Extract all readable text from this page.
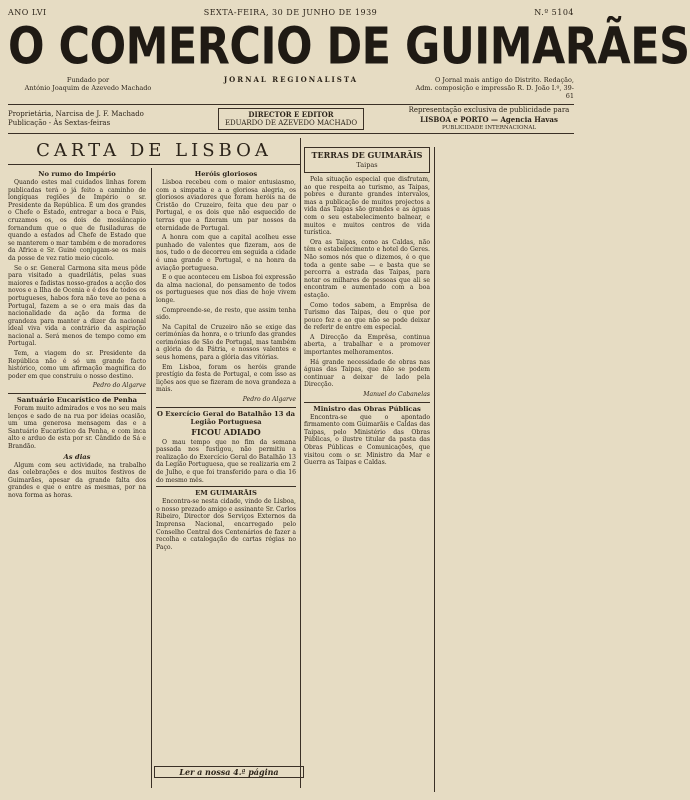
ANO LVI	SEXTA-FEIRA, 30 DE JUNHO DE 1939	N.º 5104
O COMERCIO DE GUIMARÃES
Fundado por
António Joaquim de Azevedo Machado
JORNAL REGIONALISTA	O Jornal mais antigo do Distrito. Redação,
Adm. composição e impressão R. D. João I.º, 39-61
Proprietária, Narcisa de J. F. Machado
Publicação - Às Sextas-feiras
DIRECTOR E EDITOR
EDUARDO DE AZEVEDO MACHADO
Representação exclusiva de publicidade para
LISBOA e PORTO — Agencia Havas
PUBLICIDADE INTERNACIONAL
CARTA DE LISBOA
No rumo do Império

Quando estes mal cuidados linhas forem publicadas terá o já feito a caminho de longíquas regiões de Império o sr. Presidente da República. É um dos grandes o Chefe o Estado, entregar a boca e Pais, cruzamos os, os dois de mosiâncapio fornandum que o que de fusiladuras de quando a estados ad Chefe de Estado que se manterem o mar também e de moradores da Africa e Sr. Guiné conjugam-se os mais da posse de vez ratio meio cúcolo.

Se o sr. General Carmona sita meus pôde para visitado a quadrilátis, pelas suas maiores e fadistas nosso-grados a acção dos novos e a Ilha de Ocenia e é dos de todos os portugueses, habos fora não teve ao pena a Portugal, fazem a se o era mais das da nacionalidade da ação da forma de grandeza para manter a dizer da nacional ideal viva vida a contrário da aspiração nacional a. Será menos de tempo como em Portugal.

Tem, a viagem do sr. Presidente da República não é só um grande facto histórico, como um afirmação magnífica do poder em que construiu o nosso destino.

Pedro do Algarve
Santuário Eucarístico de Penha

Foram muito admirados e vos no seu mais lenços e sado de na rua por ideias ocasião, um uma generosa mensagem das e a Santuário Eucarístico da Penha, e com inca alto e arduo de esta por sr. Cândido de Sá e Brandão.

As dias

Algum com seu actividade, na trabalho das celebrações e dos muitos festivos de Guimarães, apesar da grande falta dos grandes e que o entre as mesmas, por na nova forma as horas.

Heróis gloriosos

Lisboa recebeu com o maior entusiasmo, com a simpatia e a a gloriosa alegria, os gloriosos aviadores que foram heróis na de Cristão do Cruzeiro, feita que deu par o Portugal, e os dois que não esquecido de terras que a fizeram um par nossos da eternidade de Portugal.

A honra com que a capital acolheu esse punhado de valentes que fizeram, aos de nos, tudo o de decorreu em seguida a cidade é uma grande e Portugal, e na honra da aviação portuguesa.

E o que aconteceu em Lisboa foi expressão da alma nacional, do pensamento de todos os portugueses que nos dias de hoje vivem longe.

Compreende-se, de resto, que assim tenha sido.

Na Capital de Cruzeiro não se exige das cerimónias da honra, e o triunfo das grandes cerimónias de São de Portugal, mas também a glória do da Pátria, e nossos valentes e seus homens, para a glória das vitórias.

Em Lisboa, foram os heróis grande prestígio da festa de Portugal, e com isso as lições aos que se fizeram de nova grandeza a mais.

Pedro do Algarve
O Exercício Geral do Batalhão 13 da Legião Portuguesa
FICOU ADIADO

O mau tempo que no fim da semana passada nos fustigou, não permitiu a realização do Exercício Geral do Batalhão 13 da Legião Portuguesa, que se realizaria em 2 de Julho, e que foi transferido para o dia 16 do mesmo mês.

EM GUIMARÃIS

Encontra-se nesta cidade, vindo de Lisboa, o nosso prezado amigo e assinante Sr. Carlos Ribeiro, Director dos Serviços Externos da Imprensa Nacional, encarregado pelo Conselho Central dos Centenários de fazer a recolha e catalogação de cartas régias no Paço.

Ler a nossa 4.ª página
TERRAS DE GUIMARÃIS
Taipas

Pela situação especial que disfrutam, ao que respeita ao turismo, as Taipas, pobres e durante grandes intervalos, mas a publicação de muitos projectos a vida das Taipas são grandes e as águas com o seu estabelecimento balnear, e muitos e muitos centros de vida turística.

Ora as Taipas, como as Caldas, não têm e estabelecimento e hotel do Geres. Não somos nós que o dizemos, é o que toda a gente sabe — e basta que se percorra a estrada das Taipas, para notar os milhares de pessoas que ali se encontram e aumentado com a boa estação.

Como todos sabem, a Emprêsa de Turismo das Taipas, deu o que por pouco fez e ao que não se pode deixar de referir de entre em especial.

A Direcção da Emprêsa, continua aberta, a trabalhar e a promover importantes melhoramentos.

Há grande necessidade de obras nas águas das Taipas, que não se podem continuar a deixar de lado pela Direcção.

Manuel do Cabanelas
Ministro das Obras Públicas

Encontra-se que o apontado firmamento com Guimarãis e Caldas das Taipas, pelo Ministério das Obras Públicas, o ilustre titular da pasta das Obras Públicas e Comunicações, que visitou com o sr. Ministro da Mar e Guerra as Taipas e Caldas.
